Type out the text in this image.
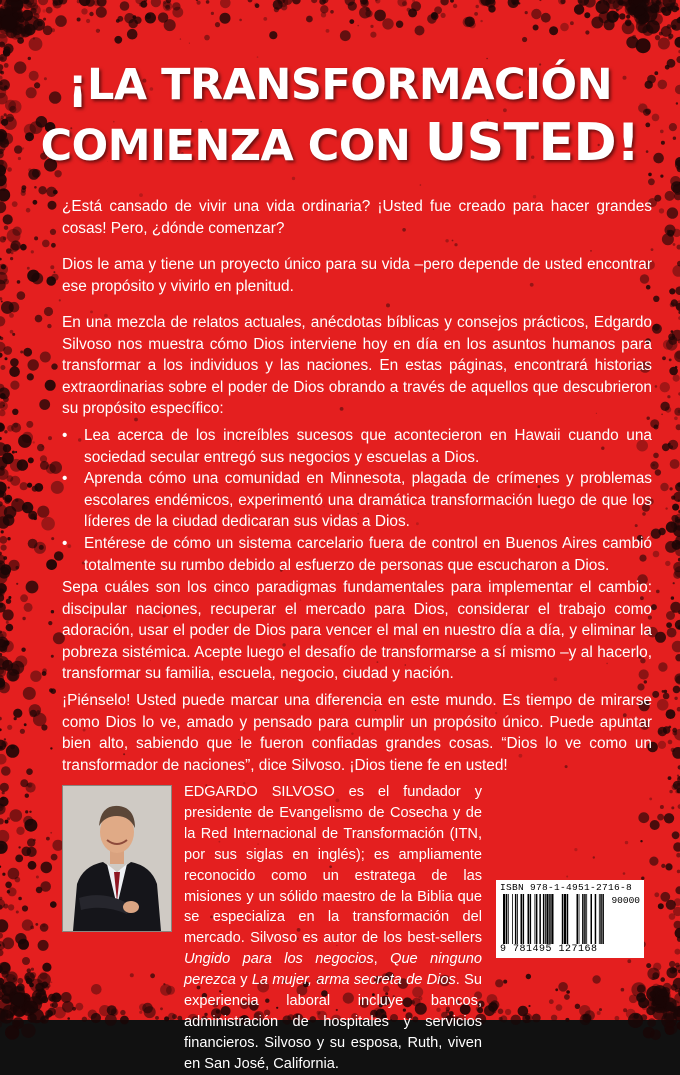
¡LA TRANSFORMACIÓN
COMIENZA CON USTED!
¿Está cansado de vivir una vida ordinaria? ¡Usted fue creado para hacer grandes cosas! Pero, ¿dónde comenzar?
Dios le ama y tiene un proyecto único para su vida –pero depende de usted encontrar ese propósito y vivirlo en plenitud.
En una mezcla de relatos actuales, anécdotas bíblicas y consejos prácticos, Edgardo Silvoso nos muestra cómo Dios interviene hoy en día en los asuntos humanos para transformar a los individuos y las naciones. En estas páginas, encontrará historias extraordinarias sobre el poder de Dios obrando a través de aquellos que descubrieron su propósito específico:
• Lea acerca de los increíbles sucesos que acontecieron en Hawaii cuando una sociedad secular entregó sus negocios y escuelas a Dios.
• Aprenda cómo una comunidad en Minnesota, plagada de crímenes y problemas escolares endémicos, experimentó una dramática transformación luego de que los líderes de la ciudad dedicaran sus vidas a Dios.
• Entérese de cómo un sistema carcelario fuera de control en Buenos Aires cambió totalmente su rumbo debido al esfuerzo de personas que escucharon a Dios.
Sepa cuáles son los cinco paradigmas fundamentales para implementar el cambio: discipular naciones, recuperar el mercado para Dios, considerar el trabajo como adoración, usar el poder de Dios para vencer el mal en nuestro día a día, y eliminar la pobreza sistémica. Acepte luego el desafío de transformarse a sí mismo –y al hacerlo, transformar su familia, escuela, negocio, ciudad y nación.
¡Piénselo! Usted puede marcar una diferencia en este mundo. Es tiempo de mirarse como Dios lo ve, amado y pensado para cumplir un propósito único. Puede apuntar bien alto, sabiendo que le fueron confiadas grandes cosas. “Dios lo ve como un transformador de naciones”, dice Silvoso. ¡Dios tiene fe en usted!
EDGARDO SILVOSO es el fundador y presidente de Evangelismo de Cosecha y de la Red Internacional de Transformación (ITN, por sus siglas en inglés); es ampliamente reconocido como un estratega de las misiones y un sólido maestro de la Biblia que se especializa en la transformación del mercado. Silvoso es autor de los best-sellers Ungido para los negocios, Que ninguno perezca y La mujer, arma secreta de Dios. Su experiencia laboral incluye bancos, administración de hospitales y servicios financieros. Silvoso y su esposa, Ruth, viven en San José, California.
ISBN 978-1-4951-2716-8
90000
9 781495 127168
